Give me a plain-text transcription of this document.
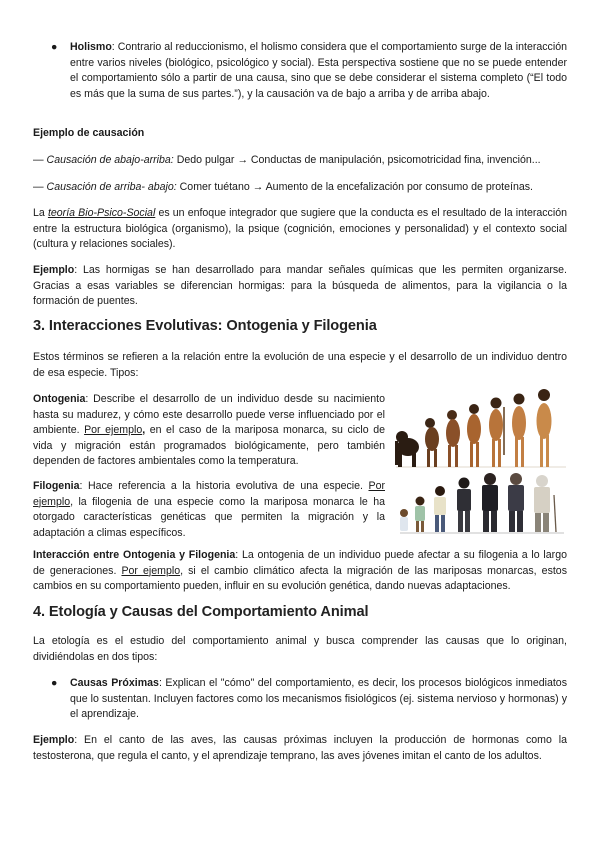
●	Holismo: Contrario al reduccionismo, el holismo considera que el comportamiento surge de la interacción entre varios niveles (biológico, psicológico y social). Esta perspectiva sostiene que no se puede entender el comportamiento sólo a partir de una causa, sino que se debe considerar el sistema completo (“El todo es más que la suma de sus partes.”), y la causación va de bajo a arriba y de arriba abajo.

Ejemplo de causación

— Causación de abajo-arriba: Dedo pulgar → Conductas de manipulación, psicomotricidad fina, invención...

— Causación de arriba- abajo: Comer tuétano → Aumento de la encefalización por consumo de proteínas.

La teoría Bio-Psico-Social es un enfoque integrador que sugiere que la conducta es el resultado de la interacción entre la estructura biológica (organismo), la psique (cognición, emociones y personalidad) y el contexto social (cultura y relaciones sociales).

Ejemplo: Las hormigas se han desarrollado para mandar señales químicas que les permiten organizarse. Gracias a esas variables se diferencian hormigas: para la búsqueda de alimentos, para la vigilancia o la formación de puentes.

3. Interacciones Evolutivas: Ontogenia y Filogenia

Estos términos se refieren a la relación entre la evolución de una especie y el desarrollo de un individuo dentro de esa especie. Tipos:

Ontogenia: Describe el desarrollo de un individuo desde su nacimiento hasta su madurez, y cómo este desarrollo puede verse influenciado por el ambiente. Por ejemplo, en el caso de la mariposa monarca, su ciclo de vida y migración están programados biológicamente, pero también dependen de factores ambientales como la temperatura.

Filogenia: Hace referencia a la historia evolutiva de una especie. Por ejemplo, la filogenia de una especie como la mariposa monarca le ha otorgado características genéticas que permiten la migración y la adaptación a climas específicos.

Interacción entre Ontogenia y Filogenia: La ontogenia de un individuo puede afectar a su filogenia a lo largo de generaciones. Por ejemplo, si el cambio climático afecta la migración de las mariposas monarcas, estos cambios en su comportamiento pueden, influir en su evolución genética, dando nuevas adaptaciones.

4. Etología y Causas del Comportamiento Animal

La etología es el estudio del comportamiento animal y busca comprender las causas que lo originan, dividiéndolas en dos tipos:

●	Causas Próximas: Explican el "cómo" del comportamiento, es decir, los procesos biológicos inmediatos que lo sustentan. Incluyen factores como los mecanismos fisiológicos (ej. sistema nervioso y hormonas) y el aprendizaje.

Ejemplo: En el canto de las aves, las causas próximas incluyen la producción de hormonas como la testosterona, que regula el canto, y el aprendizaje temprano, las aves jóvenes imitan el canto de los adultos.
